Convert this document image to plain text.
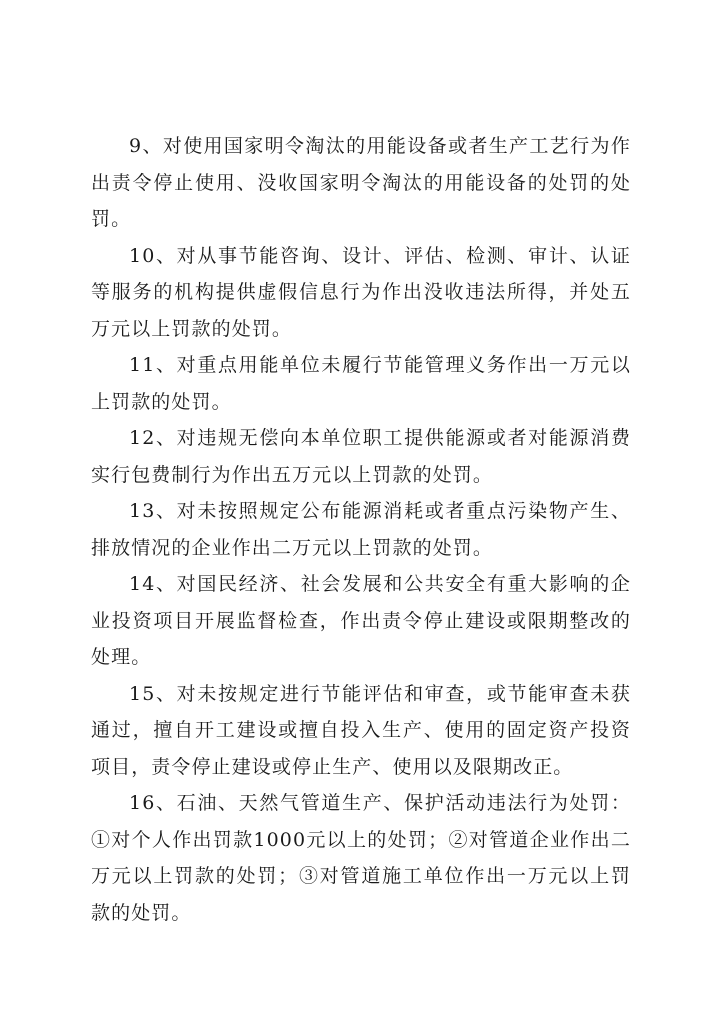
9、对使用国家明令淘汰的用能设备或者生产工艺行为作出责令停止使用、没收国家明令淘汰的用能设备的处罚的处罚。

10、对从事节能咨询、设计、评估、检测、审计、认证等服务的机构提供虚假信息行为作出没收违法所得，并处五万元以上罚款的处罚。

11、对重点用能单位未履行节能管理义务作出一万元以上罚款的处罚。

12、对违规无偿向本单位职工提供能源或者对能源消费实行包费制行为作出五万元以上罚款的处罚。

13、对未按照规定公布能源消耗或者重点污染物产生、排放情况的企业作出二万元以上罚款的处罚。

14、对国民经济、社会发展和公共安全有重大影响的企业投资项目开展监督检查，作出责令停止建设或限期整改的处理。

15、对未按规定进行节能评估和审查，或节能审查未获通过，擅自开工建设或擅自投入生产、使用的固定资产投资项目，责令停止建设或停止生产、使用以及限期改正。

16、石油、天然气管道生产、保护活动违法行为处罚：①对个人作出罚款1000元以上的处罚；②对管道企业作出二万元以上罚款的处罚；③对管道施工单位作出一万元以上罚款的处罚。
